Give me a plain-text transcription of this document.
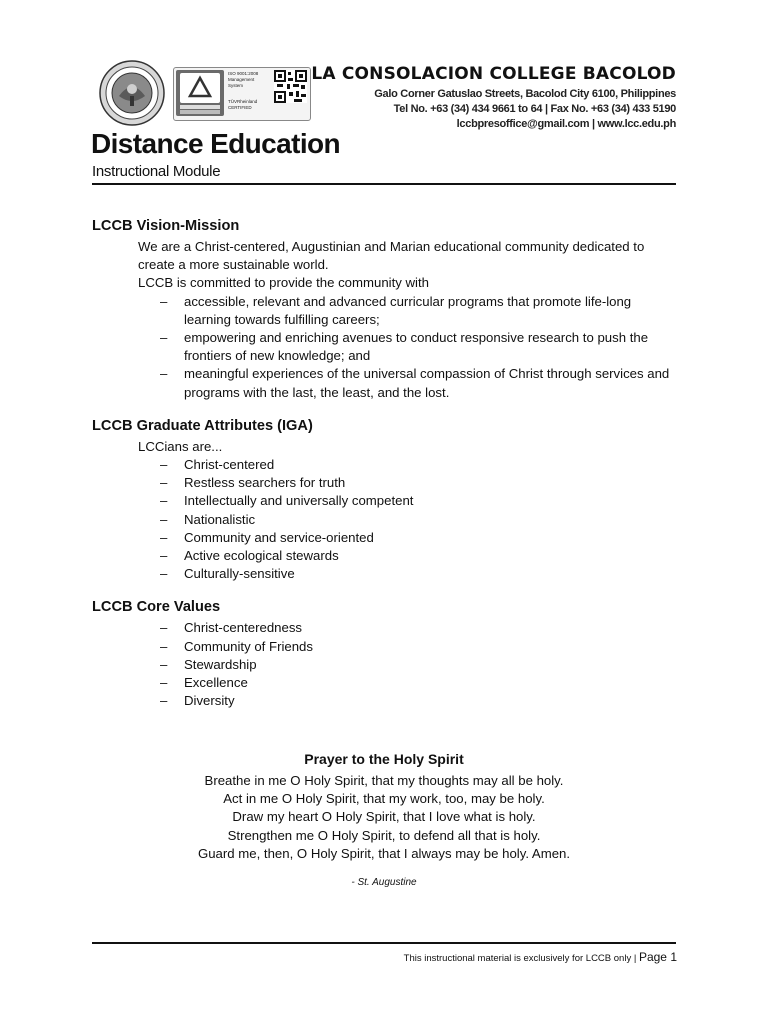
ISO 9001:2008
Management
System
TÜVRheinland
CERTIFIED
LA CONSOLACION COLLEGE BACOLOD
Galo Corner Gatuslao Streets, Bacolod City 6100, Philippines
Tel No. +63 (34) 434 9661 to 64 | Fax No. +63 (34) 433 5190
lccbpresoffice@gmail.com | www.lcc.edu.ph
Distance Education
Instructional Module
LCCB Vision-Mission

We are a Christ-centered, Augustinian and Marian educational community dedicated to create a more sustainable world.

LCCB is committed to provide the community with

– accessible, relevant and advanced curricular programs that promote life-long learning towards fulfilling careers;
– empowering and enriching avenues to conduct responsive research to push the frontiers of new knowledge; and
– meaningful experiences of the universal compassion of Christ through services and programs with the last, the least, and the lost.
LCCB Graduate Attributes (IGA)

LCCians are...

– Christ-centered
– Restless searchers for truth
– Intellectually and universally competent
– Nationalistic
– Community and service-oriented
– Active ecological stewards
– Culturally-sensitive
LCCB Core Values
– Christ-centeredness
– Community of Friends
– Stewardship
– Excellence
– Diversity
Prayer to the Holy Spirit
Breathe in me O Holy Spirit, that my thoughts may all be holy.
Act in me O Holy Spirit, that my work, too, may be holy.
Draw my heart O Holy Spirit, that I love what is holy.
Strengthen me O Holy Spirit, to defend all that is holy.
Guard me, then, O Holy Spirit, that I always may be holy. Amen.
- St. Augustine
This instructional material is exclusively for LCCB only | Page 1
